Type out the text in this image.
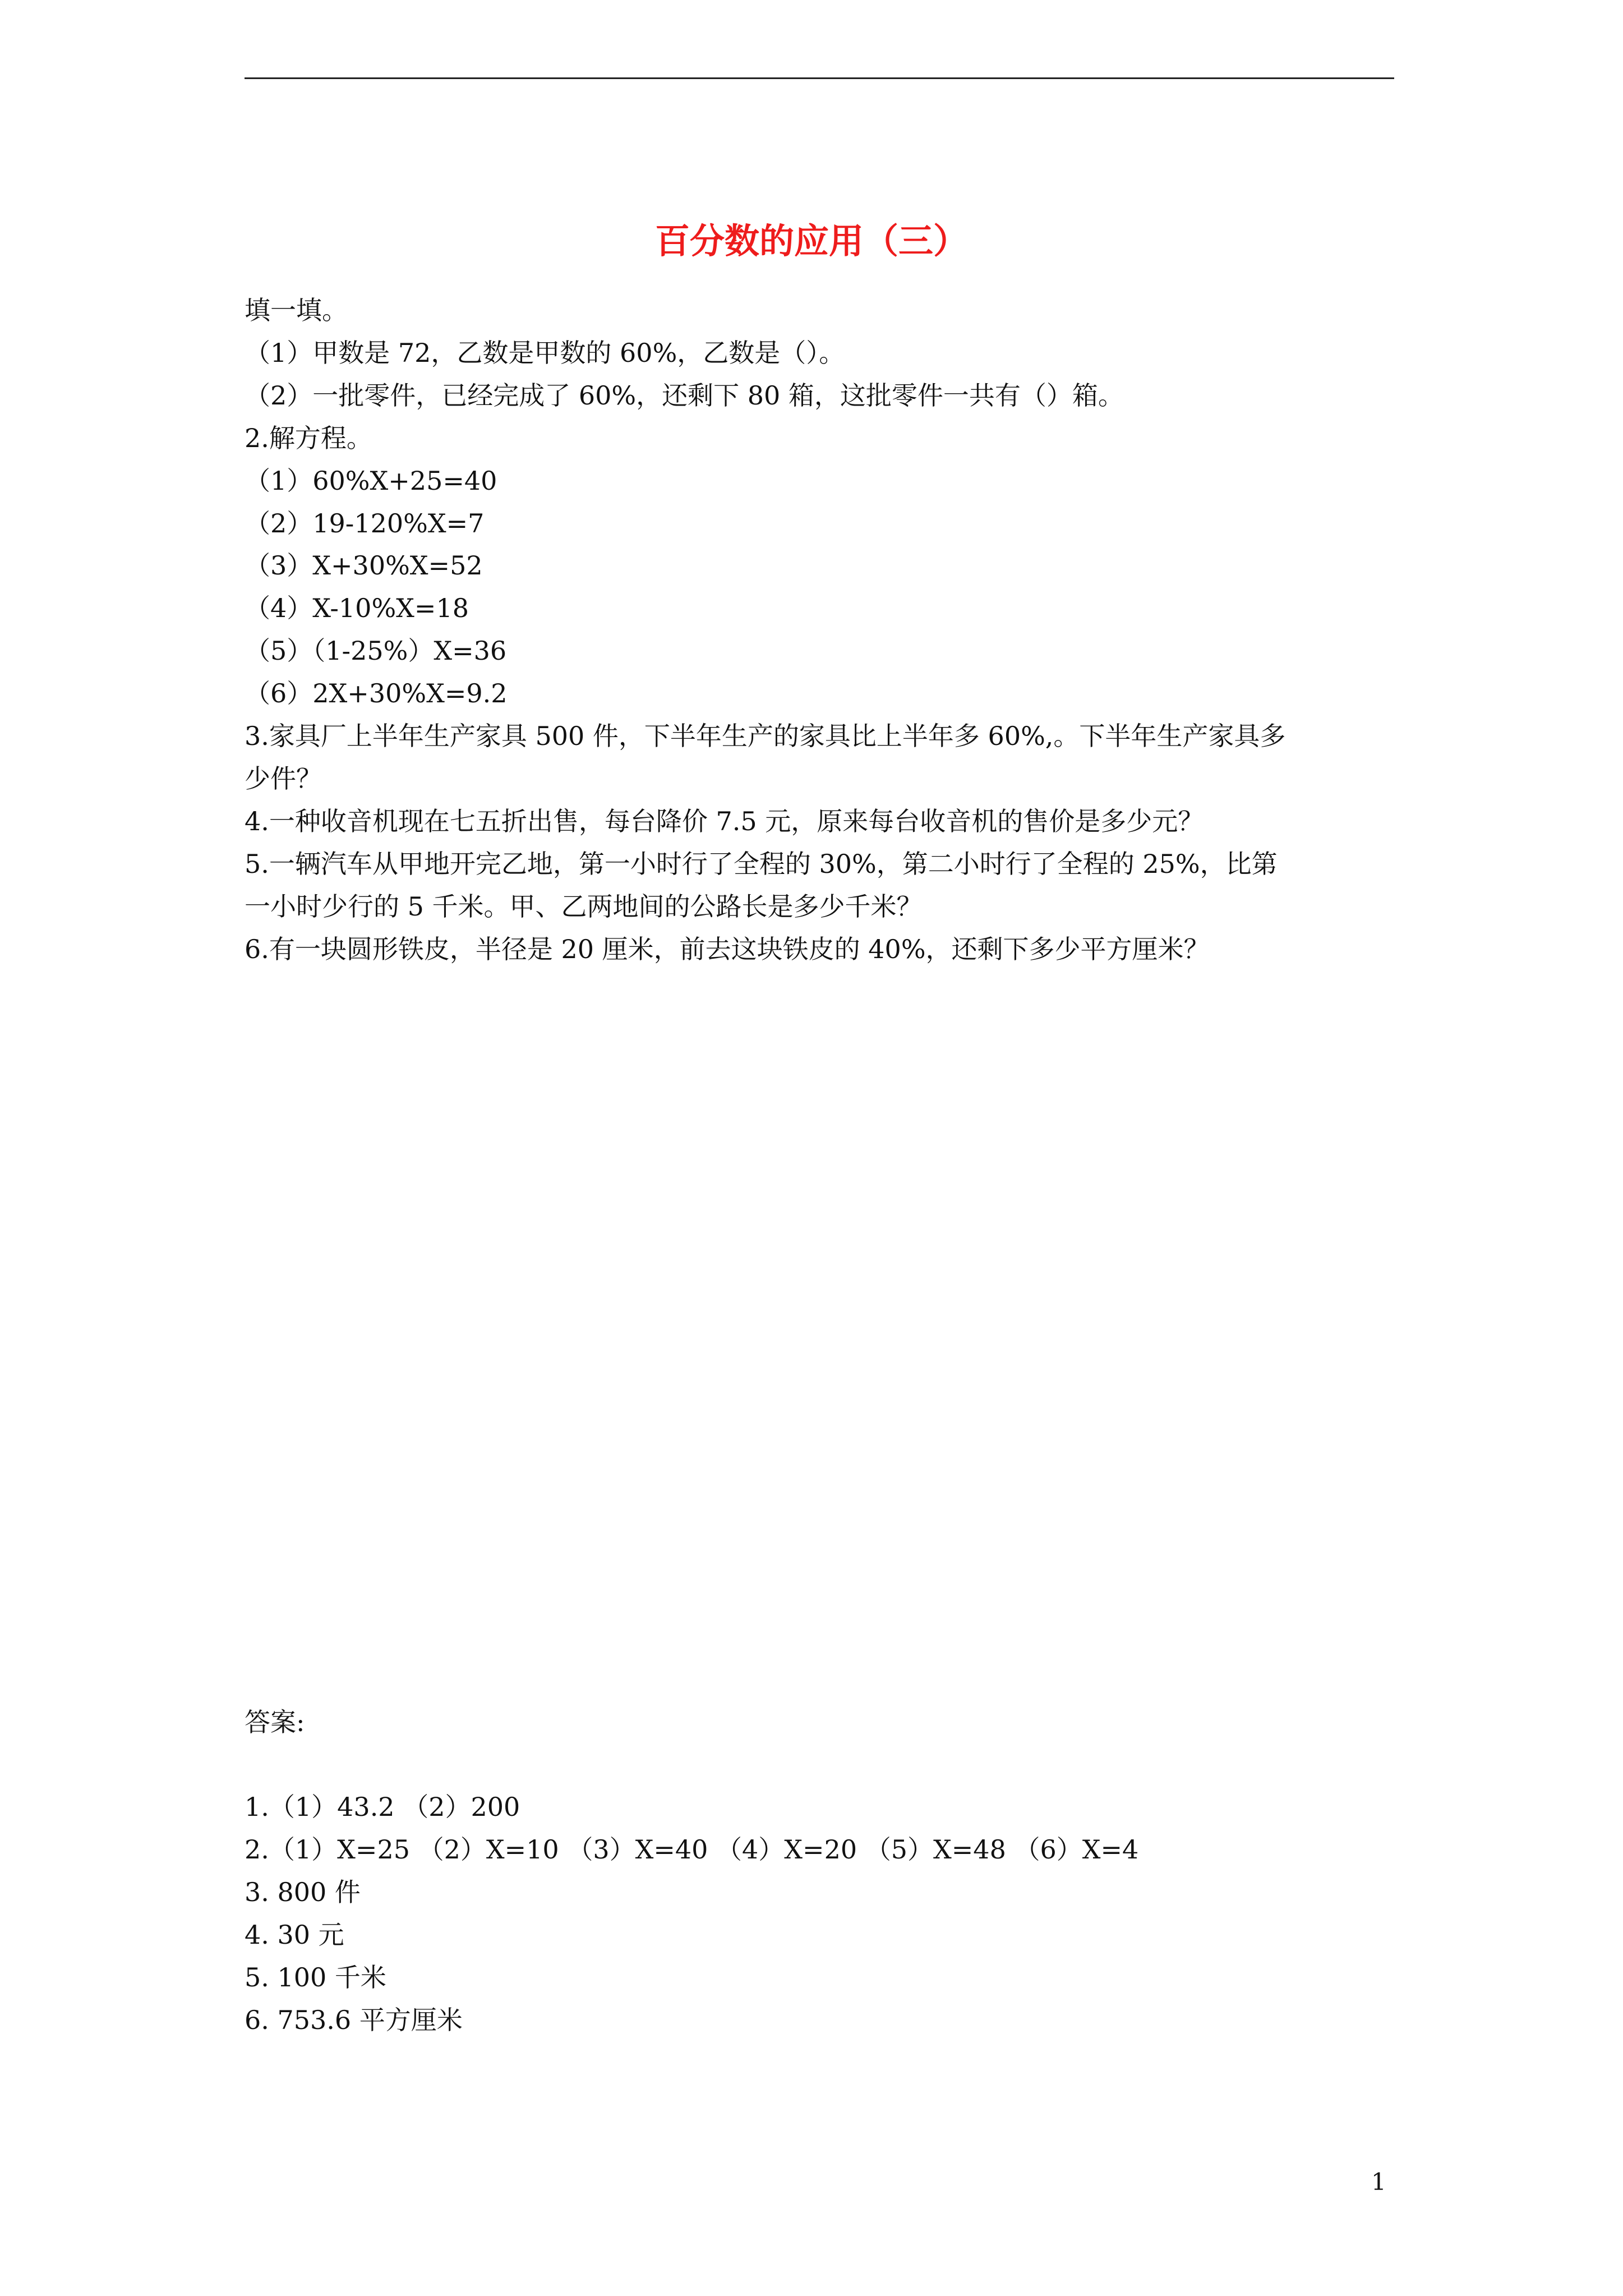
百分数的应用（三）
填一填。
（1）甲数是 72，乙数是甲数的 60%，乙数是（）。
（2）一批零件，已经完成了 60%，还剩下 80 箱，这批零件一共有（）箱。
2.解方程。
（1）60%X+25=40
（2）19-120%X=7
（3）X+30%X=52
（4）X-10%X=18
（5）（1-25%）X=36
（6）2X+30%X=9.2
3.家具厂上半年生产家具 500 件，下半年生产的家具比上半年多 60%,。下半年生产家具多
少件？
4.一种收音机现在七五折出售，每台降价 7.5 元，原来每台收音机的售价是多少元？
5.一辆汽车从甲地开完乙地，第一小时行了全程的 30%，第二小时行了全程的 25%，比第
一小时少行的 5 千米。甲、乙两地间的公路长是多少千米？
6.有一块圆形铁皮，半径是 20 厘米，前去这块铁皮的 40%，还剩下多少平方厘米？
答案:
1.（1）43.2 （2）200
2.（1）X=25 （2）X=10 （3）X=40 （4）X=20 （5）X=48 （6）X=4
3. 800 件
4. 30 元
5. 100 千米
6. 753.6 平方厘米
1
